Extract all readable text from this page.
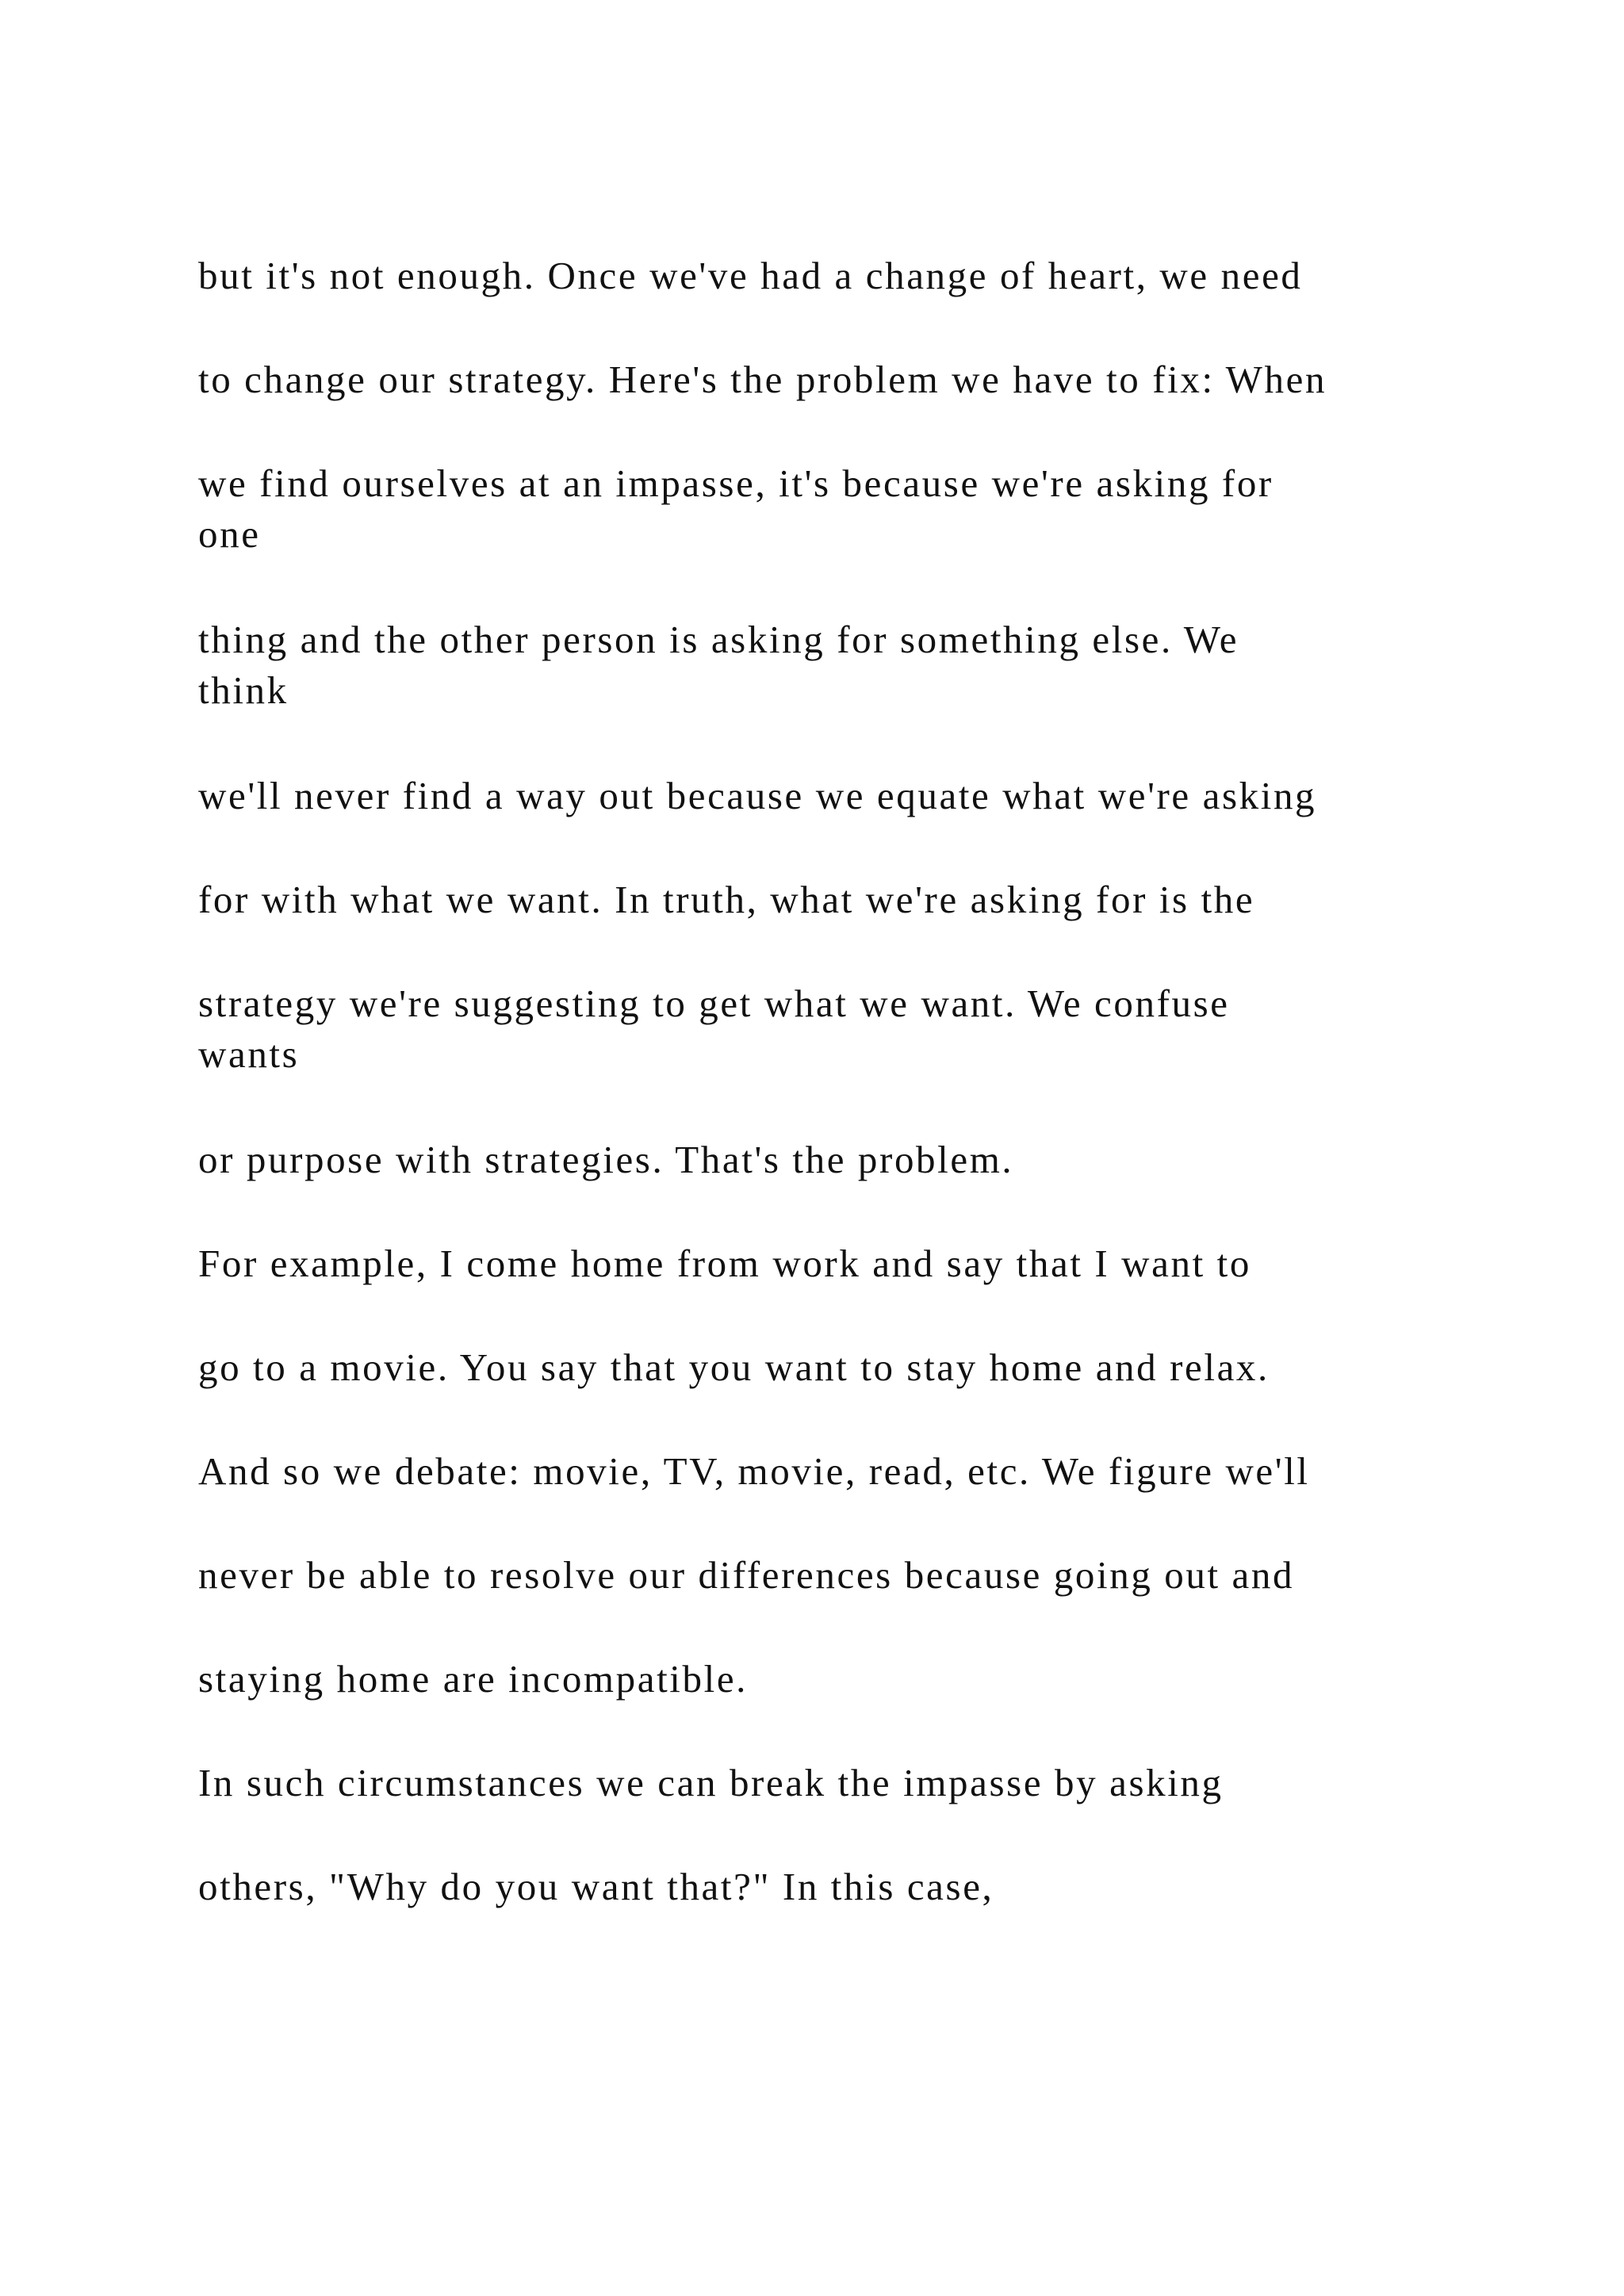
but it's not enough. Once we've had a change of heart, we need

to change our strategy. Here's the problem we have to fix: When

we find ourselves at an impasse, it's because we're asking for
one

thing and the other person is asking for something else. We
think

we'll never find a way out because we equate what we're asking

for with what we want. In truth, what we're asking for is the

strategy we're suggesting to get what we want. We confuse
wants

or purpose with strategies. That's the problem.

For example, I come home from work and say that I want to

go to a movie. You say that you want to stay home and relax.

And so we debate: movie, TV, movie, read, etc. We figure we'll

never be able to resolve our differences because going out and

staying home are incompatible.

In such circumstances we can break the impasse by asking

others, "Why do you want that?" In this case,
